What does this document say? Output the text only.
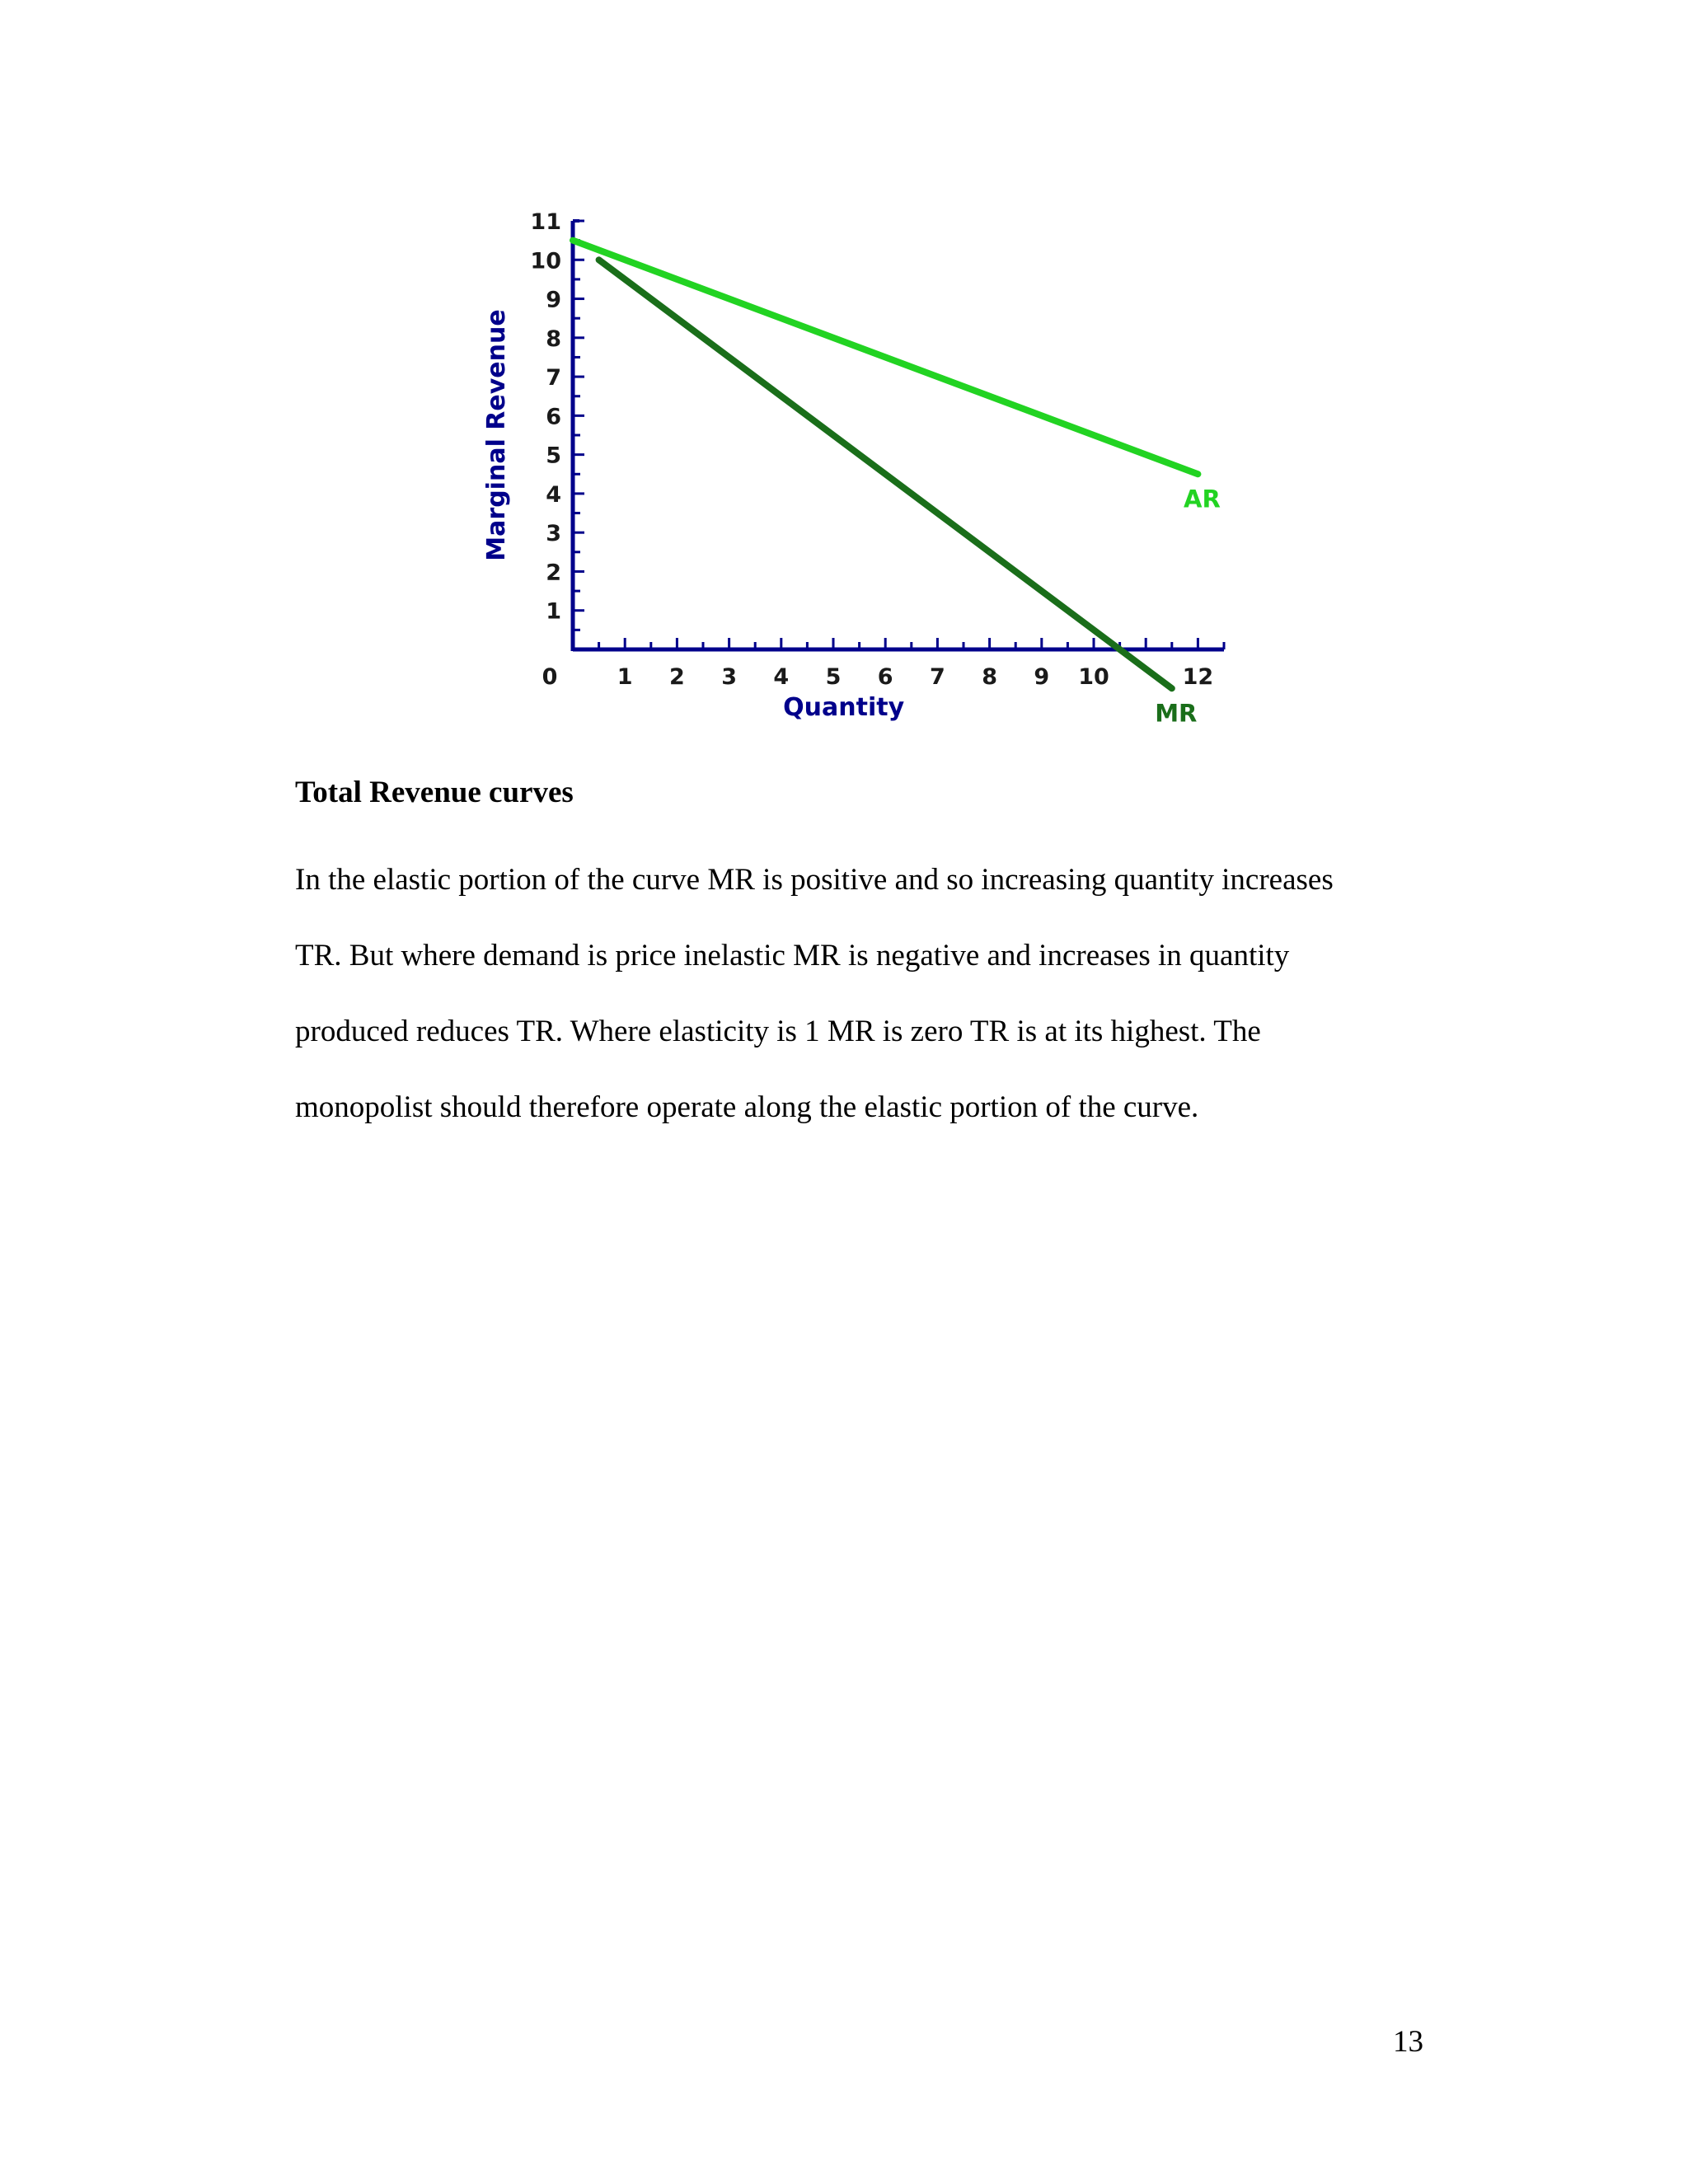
0	1 2 3 4 5 6 7 8 9 10	12
1
2
3
4
5
6
7
8
9
10
11
Quantity
Marginal Revenue	AR
MR
Total Revenue curves

In the elastic portion of the curve MR is positive and so increasing quantity increases
TR. But where demand is price inelastic MR is negative and increases in quantity
produced reduces TR. Where elasticity is 1 MR is zero TR is at its highest. The
monopolist should therefore operate along the elastic portion of the curve.

13
